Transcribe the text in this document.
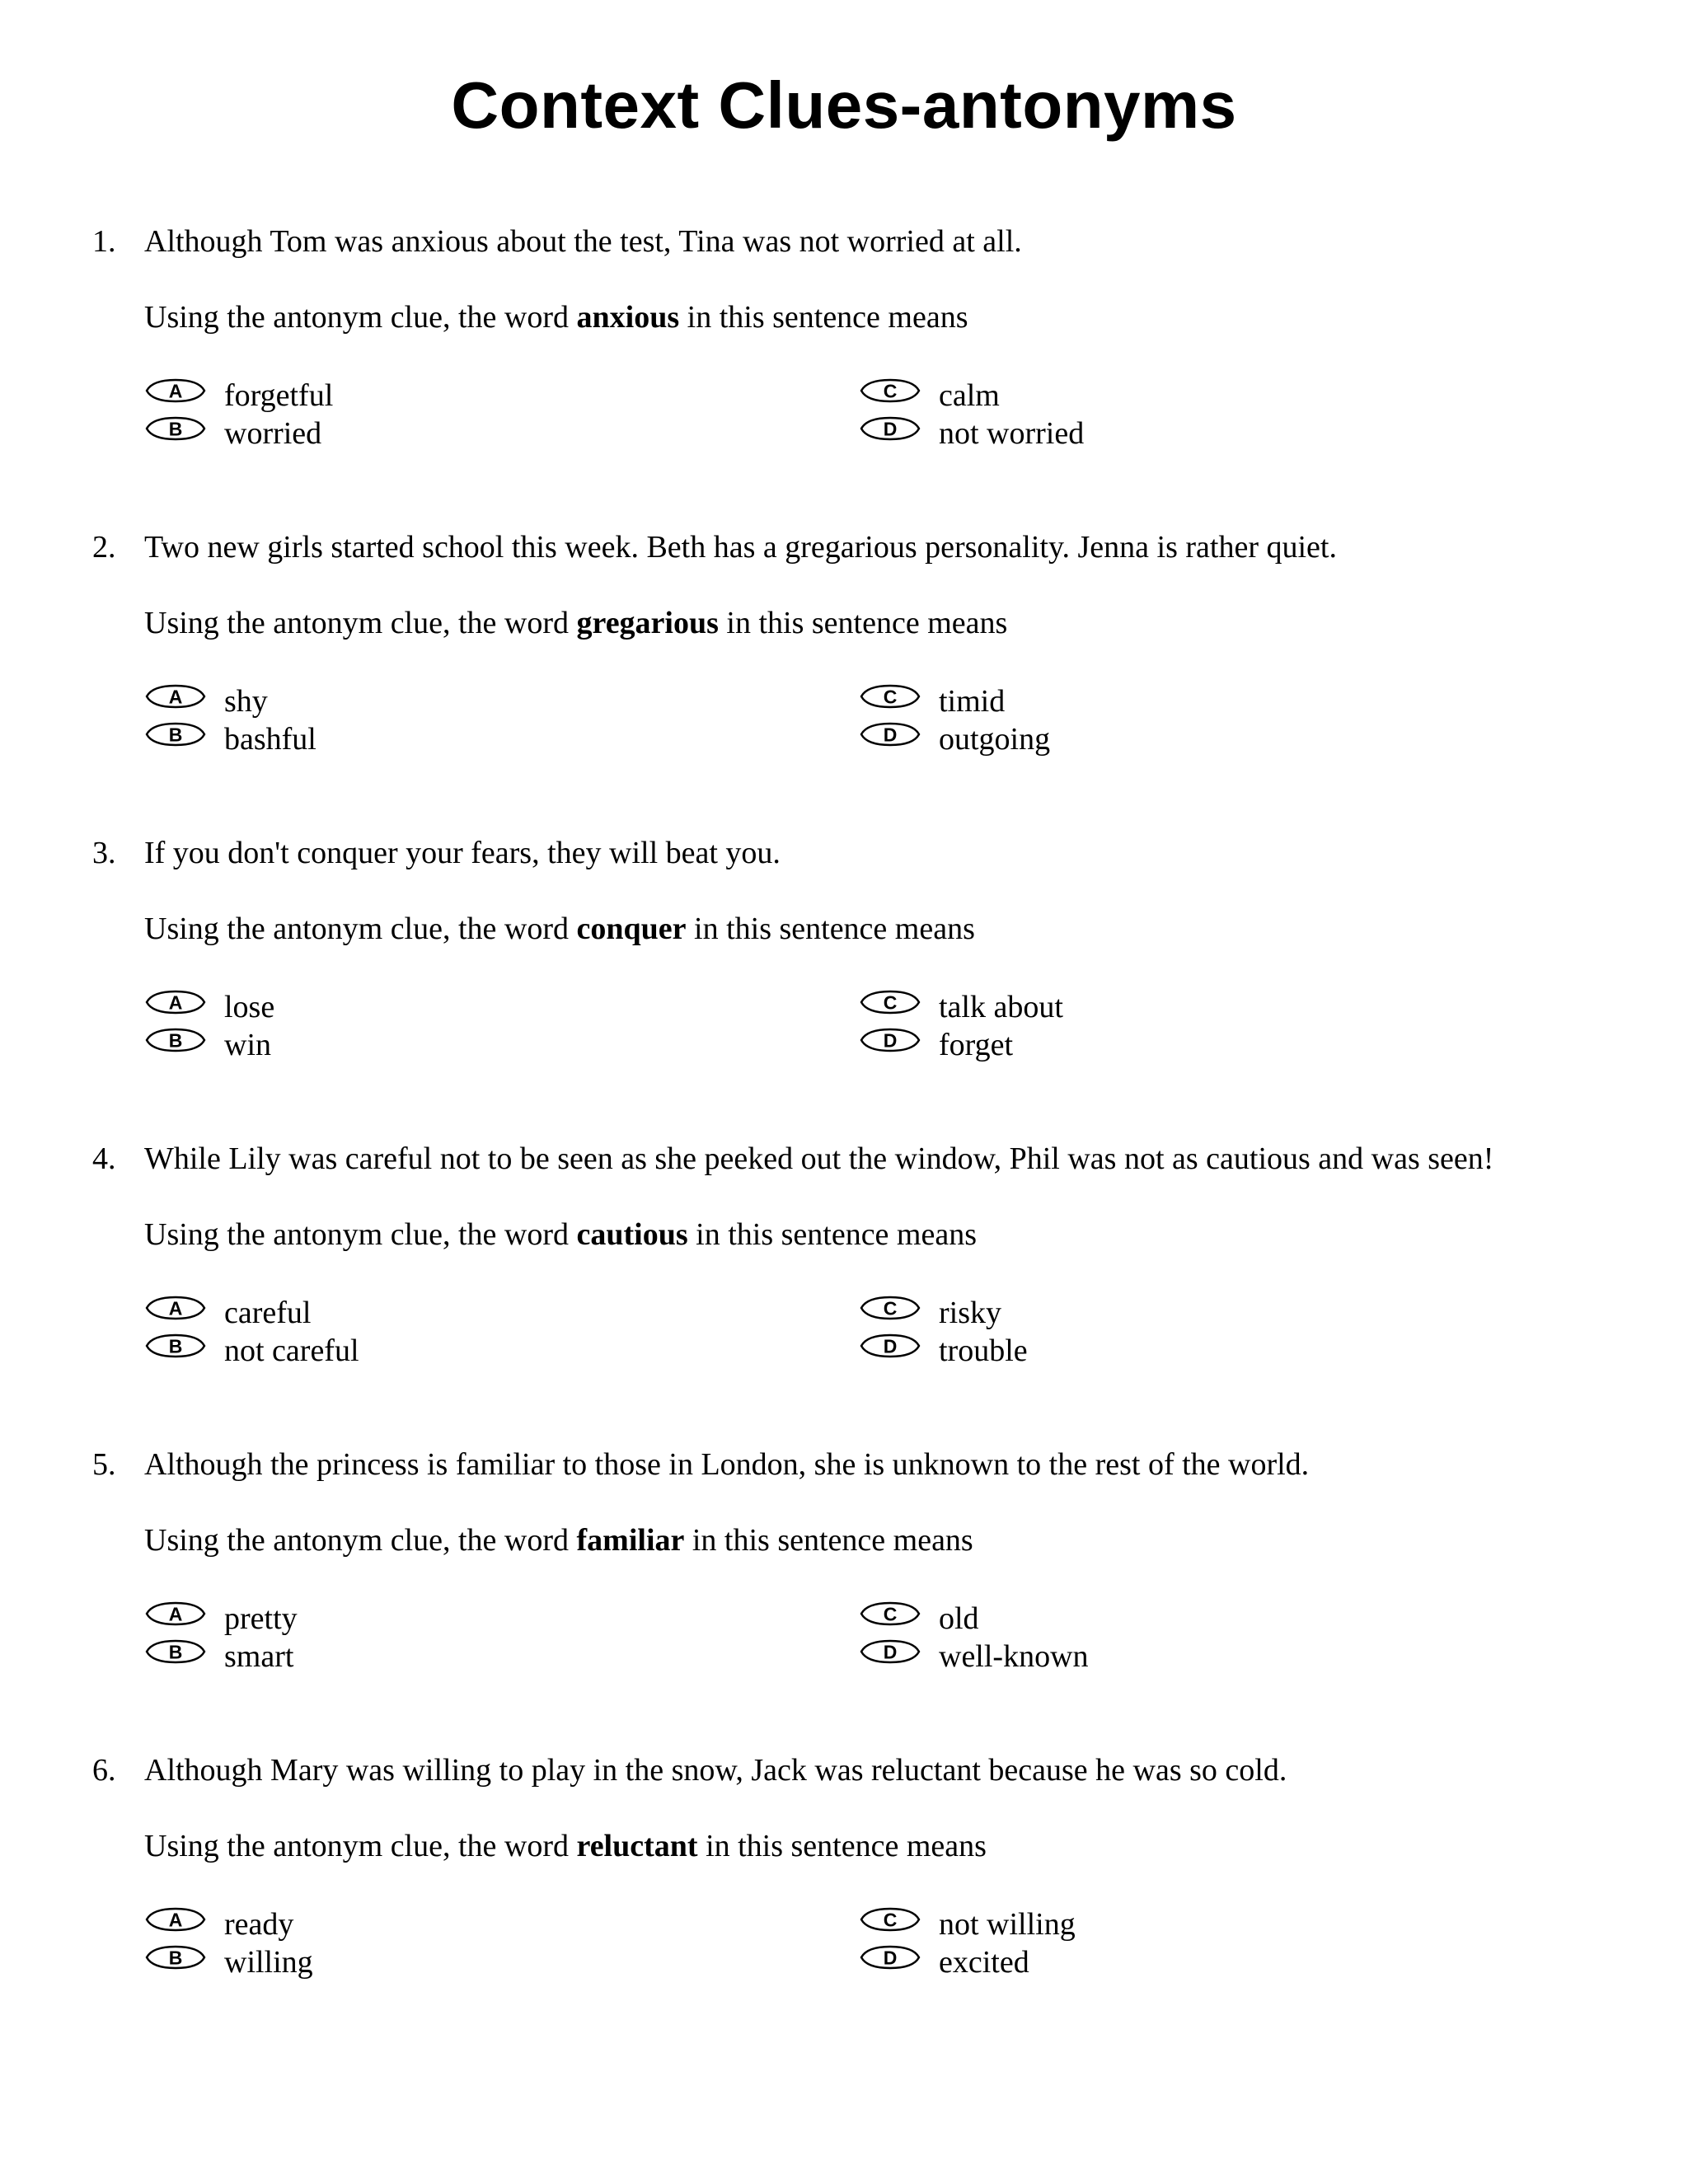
Context Clues-antonyms
1. Although Tom was anxious about the test, Tina was not worried at all.
Using the antonym clue, the word anxious in this sentence means
A forgetful
B worried
C calm
D not worried
2. Two new girls started school this week. Beth has a gregarious personality. Jenna is rather quiet.
Using the antonym clue, the word gregarious in this sentence means
A shy
B bashful
C timid
D outgoing
3. If you don't conquer your fears, they will beat you.
Using the antonym clue, the word conquer in this sentence means
A lose
B win
C talk about
D forget
4. While Lily was careful not to be seen as she peeked out the window, Phil was not as cautious and was seen!
Using the antonym clue, the word cautious in this sentence means
A careful
B not careful
C risky
D trouble
5. Although the princess is familiar to those in London, she is unknown to the rest of the world.
Using the antonym clue, the word familiar in this sentence means
A pretty
B smart
C old
D well-known
6. Although Mary was willing to play in the snow, Jack was reluctant because he was so cold.
Using the antonym clue, the word reluctant in this sentence means
A ready
B willing
C not willing
D excited
